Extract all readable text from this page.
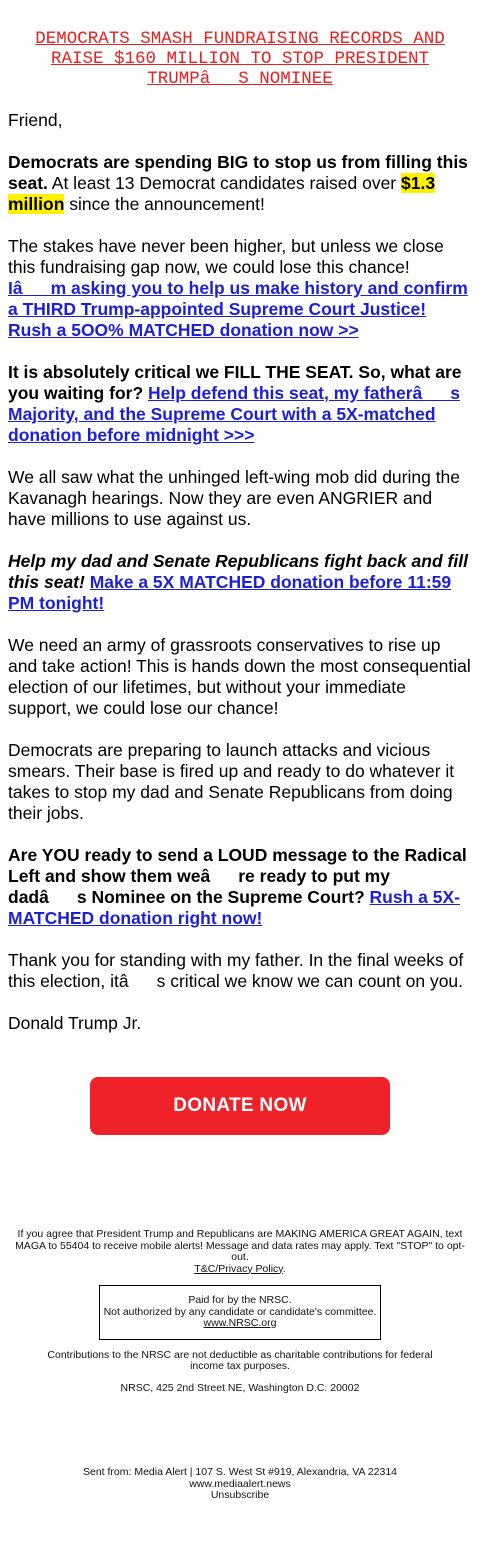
DEMOCRATS SMASH FUNDRAISING RECORDS AND RAISE $160 MILLION TO STOP PRESIDENT TRUMPâS NOMINEE

Friend,

Democrats are spending BIG to stop us from filling this seat. At least 13 Democrat candidates raised over $1.3 million since the announcement!

The stakes have never been higher, but unless we close this fundraising gap now, we could lose this chance! Iâm asking you to help us make history and confirm a THIRD Trump-appointed Supreme Court Justice! Rush a 5OO% MATCHED donation now >>

It is absolutely critical we FILL THE SEAT. So, what are you waiting for? Help defend this seat, my fatherâs Majority, and the Supreme Court with a 5X-matched donation before midnight >>>

We all saw what the unhinged left-wing mob did during the Kavanagh hearings. Now they are even ANGRIER and have millions to use against us.

Help my dad and Senate Republicans fight back and fill this seat! Make a 5X MATCHED donation before 11:59 PM tonight!

We need an army of grassroots conservatives to rise up and take action! This is hands down the most consequential election of our lifetimes, but without your immediate support, we could lose our chance!

Democrats are preparing to launch attacks and vicious smears. Their base is fired up and ready to do whatever it takes to stop my dad and Senate Republicans from doing their jobs.

Are YOU ready to send a LOUD message to the Radical Left and show them weâre ready to put my dadâs Nominee on the Supreme Court? Rush a 5X-MATCHED donation right now!

Thank you for standing with my father. In the final weeks of this election, itâs critical we know we can count on you.

Donald Trump Jr.

DONATE NOW
If you agree that President Trump and Republicans are MAKING AMERICA GREAT AGAIN, text MAGA to 55404 to receive mobile alerts! Message and data rates may apply. Text "STOP" to opt-out.
T&C/Privacy Policy.
Paid for by the NRSC.
Not authorized by any candidate or candidate's committee.
www.NRSC.org
Contributions to the NRSC are not deductible as charitable contributions for federal income tax purposes.
NRSC, 425 2nd Street NE, Washington D.C. 20002
Sent from: Media Alert | 107 S. West St #919, Alexandria, VA 22314
www.mediaalert.news
Unsubscribe
